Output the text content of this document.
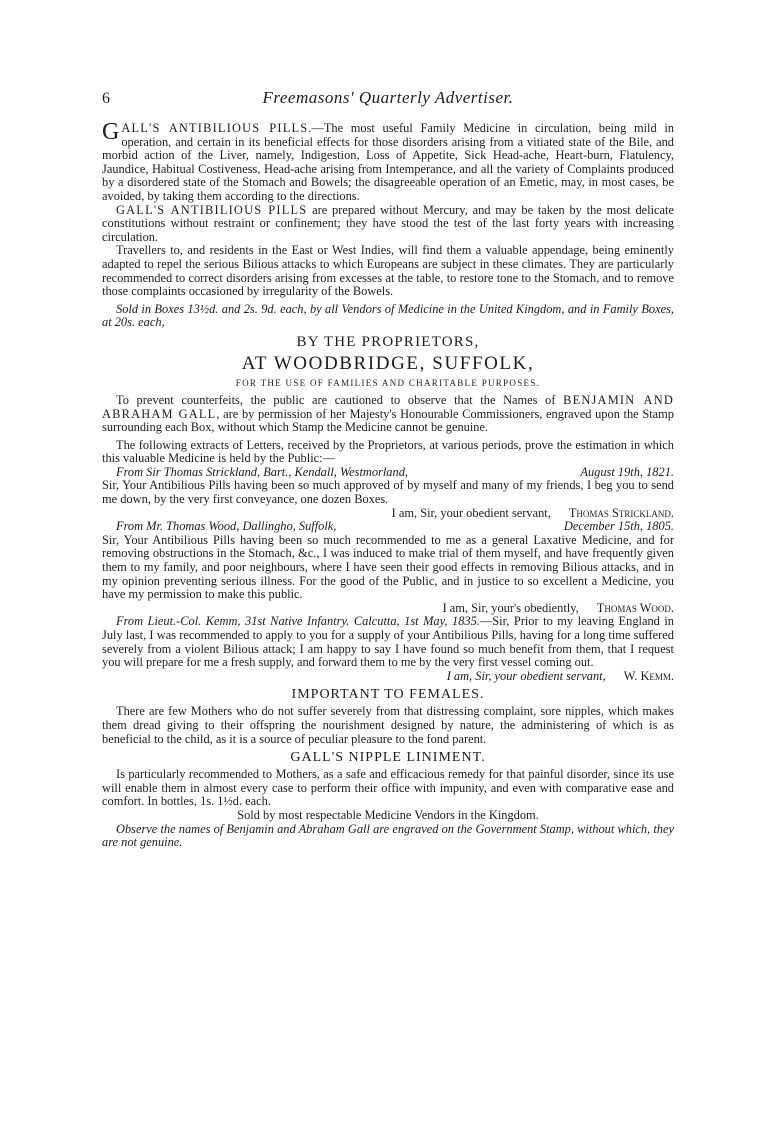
6	Freemasons' Quarterly Advertiser.

GALL'S ANTIBILIOUS PILLS.—The most useful Family Medicine in circulation, being mild in operation, and certain in its beneficial effects for those disorders arising from a vitiated state of the Bile, and morbid action of the Liver, namely, Indigestion, Loss of Appetite, Sick Head-ache, Heart-burn, Flatulency, Jaundice, Habitual Costiveness, Head-ache arising from Intemperance, and all the variety of Complaints produced by a disordered state of the Stomach and Bowels; the disagreeable operation of an Emetic, may, in most cases, be avoided, by taking them according to the directions.

GALL'S ANTIBILIOUS PILLS are prepared without Mercury, and may be taken by the most delicate constitutions without restraint or confinement; they have stood the test of the last forty years with increasing circulation.

Travellers to, and residents in the East or West Indies, will find them a valuable appendage, being eminently adapted to repel the serious Bilious attacks to which Europeans are subject in these climates. They are particularly recommended to correct disorders arising from excesses at the table, to restore tone to the Stomach, and to remove those complaints occasioned by irregularity of the Bowels.

Sold in Boxes 13½d. and 2s. 9d. each, by all Vendors of Medicine in the United Kingdom, and in Family Boxes, at 20s. each,

BY THE PROPRIETORS,
AT WOODBRIDGE, SUFFOLK,
FOR THE USE OF FAMILIES AND CHARITABLE PURPOSES.

To prevent counterfeits, the public are cautioned to observe that the Names of BENJAMIN AND ABRAHAM GALL, are by permission of her Majesty's Honourable Commissioners, engraved upon the Stamp surrounding each Box, without which Stamp the Medicine cannot be genuine.

The following extracts of Letters, received by the Proprietors, at various periods, prove the estimation in which this valuable Medicine is held by the Public:—

From Sir Thomas Strickland, Bart., Kendall, Westmorland,	August 19th, 1821.

Sir, Your Antibilious Pills having been so much approved of by myself and many of my friends, I beg you to send me down, by the very first conveyance, one dozen Boxes.

I am, Sir, your obedient servant, Thomas Strickland.
From Mr. Thomas Wood, Dallingho, Suffolk,	December 15th, 1805.

Sir, Your Antibilious Pills having been so much recommended to me as a general Laxative Medicine, and for removing obstructions in the Stomach, &c., I was induced to make trial of them myself, and have frequently given them to my family, and poor neighbours, where I have seen their good effects in removing Bilious attacks, and in my opinion preventing serious illness. For the good of the Public, and in justice to so excellent a Medicine, you have my permission to make this public.

I am, Sir, your's obediently, Thomas Wood.

From Lieut.-Col. Kemm, 31st Native Infantry. Calcutta, 1st May, 1835.—Sir, Prior to my leaving England in July last, I was recommended to apply to you for a supply of your Antibilious Pills, having for a long time suffered severely from a violent Bilious attack; I am happy to say I have found so much benefit from them, that I request you will prepare for me a fresh supply, and forward them to me by the very first vessel coming out.

I am, Sir, your obedient servant, W. Kemm.
IMPORTANT TO FEMALES.

There are few Mothers who do not suffer severely from that distressing complaint, sore nipples, which makes them dread giving to their offspring the nourishment designed by nature, the administering of which is as beneficial to the child, as it is a source of peculiar pleasure to the fond parent.

GALL'S NIPPLE LINIMENT.

Is particularly recommended to Mothers, as a safe and efficacious remedy for that painful disorder, since its use will enable them in almost every case to perform their office with impunity, and even with comparative ease and comfort. In bottles, 1s. 1½d. each.

Sold by most respectable Medicine Vendors in the Kingdom.

Observe the names of Benjamin and Abraham Gall are engraved on the Government Stamp, without which, they are not genuine.
